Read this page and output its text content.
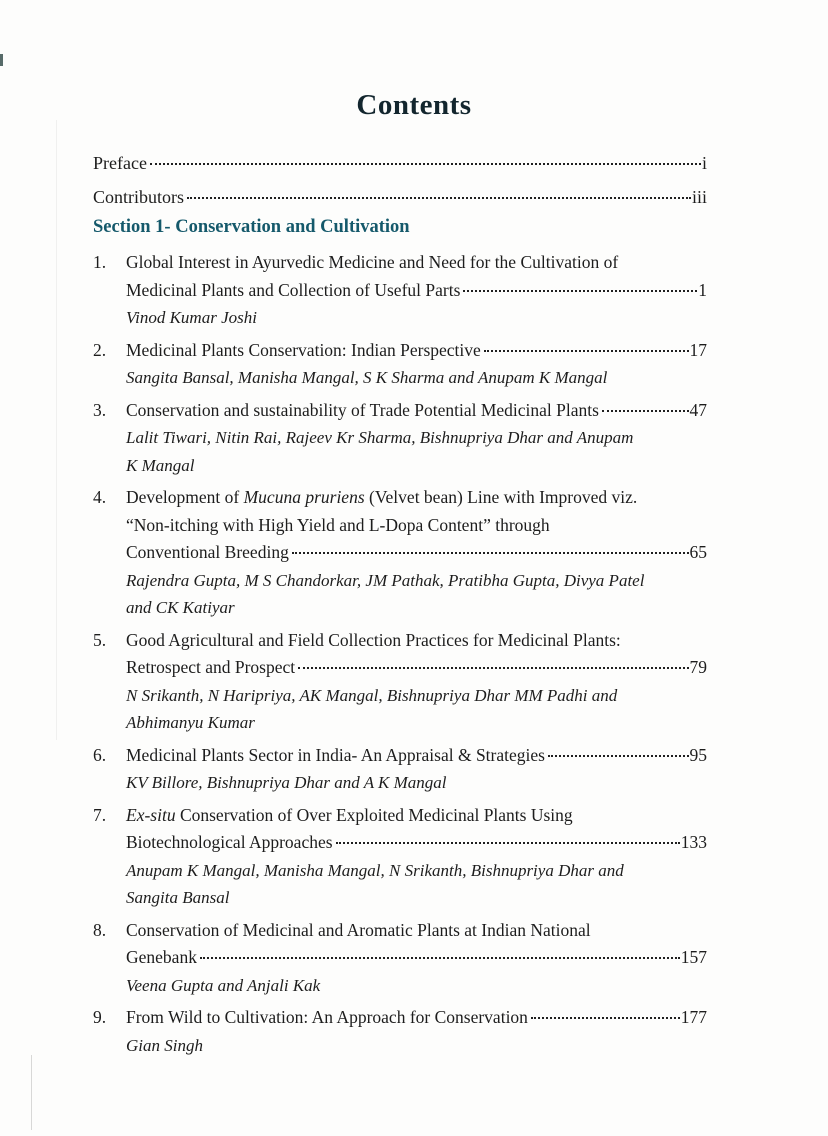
Contents
Preface	i
Contributors	iii
Section 1- Conservation and Cultivation
1.	Global Interest in Ayurvedic Medicine and Need for the Cultivation of
Medicinal Plants and Collection of Useful Parts	1
Vinod Kumar Joshi
2.	Medicinal Plants Conservation: Indian Perspective	17
Sangita Bansal, Manisha Mangal, S K Sharma and Anupam K Mangal
3.	Conservation and sustainability of Trade Potential Medicinal Plants	47
Lalit Tiwari, Nitin Rai, Rajeev Kr Sharma, Bishnupriya Dhar and Anupam
K Mangal
4.	Development of Mucuna pruriens (Velvet bean) Line with Improved viz.
“Non-itching with High Yield and L-Dopa Content” through
Conventional Breeding	65
Rajendra Gupta, M S Chandorkar, JM Pathak, Pratibha Gupta, Divya Patel
and CK Katiyar
5.	Good Agricultural and Field Collection Practices for Medicinal Plants:
Retrospect and Prospect	79
N Srikanth, N Haripriya, AK Mangal, Bishnupriya Dhar MM Padhi and
Abhimanyu Kumar
6.	Medicinal Plants Sector in India- An Appraisal & Strategies	95
KV Billore, Bishnupriya Dhar and A K Mangal
7.	Ex-situ Conservation of Over Exploited Medicinal Plants Using
Biotechnological Approaches	133
Anupam K Mangal, Manisha Mangal, N Srikanth, Bishnupriya Dhar and
Sangita Bansal
8.	Conservation of Medicinal and Aromatic Plants at Indian National
Genebank	157
Veena Gupta and Anjali Kak
9.	From Wild to Cultivation: An Approach for Conservation	177
Gian Singh
